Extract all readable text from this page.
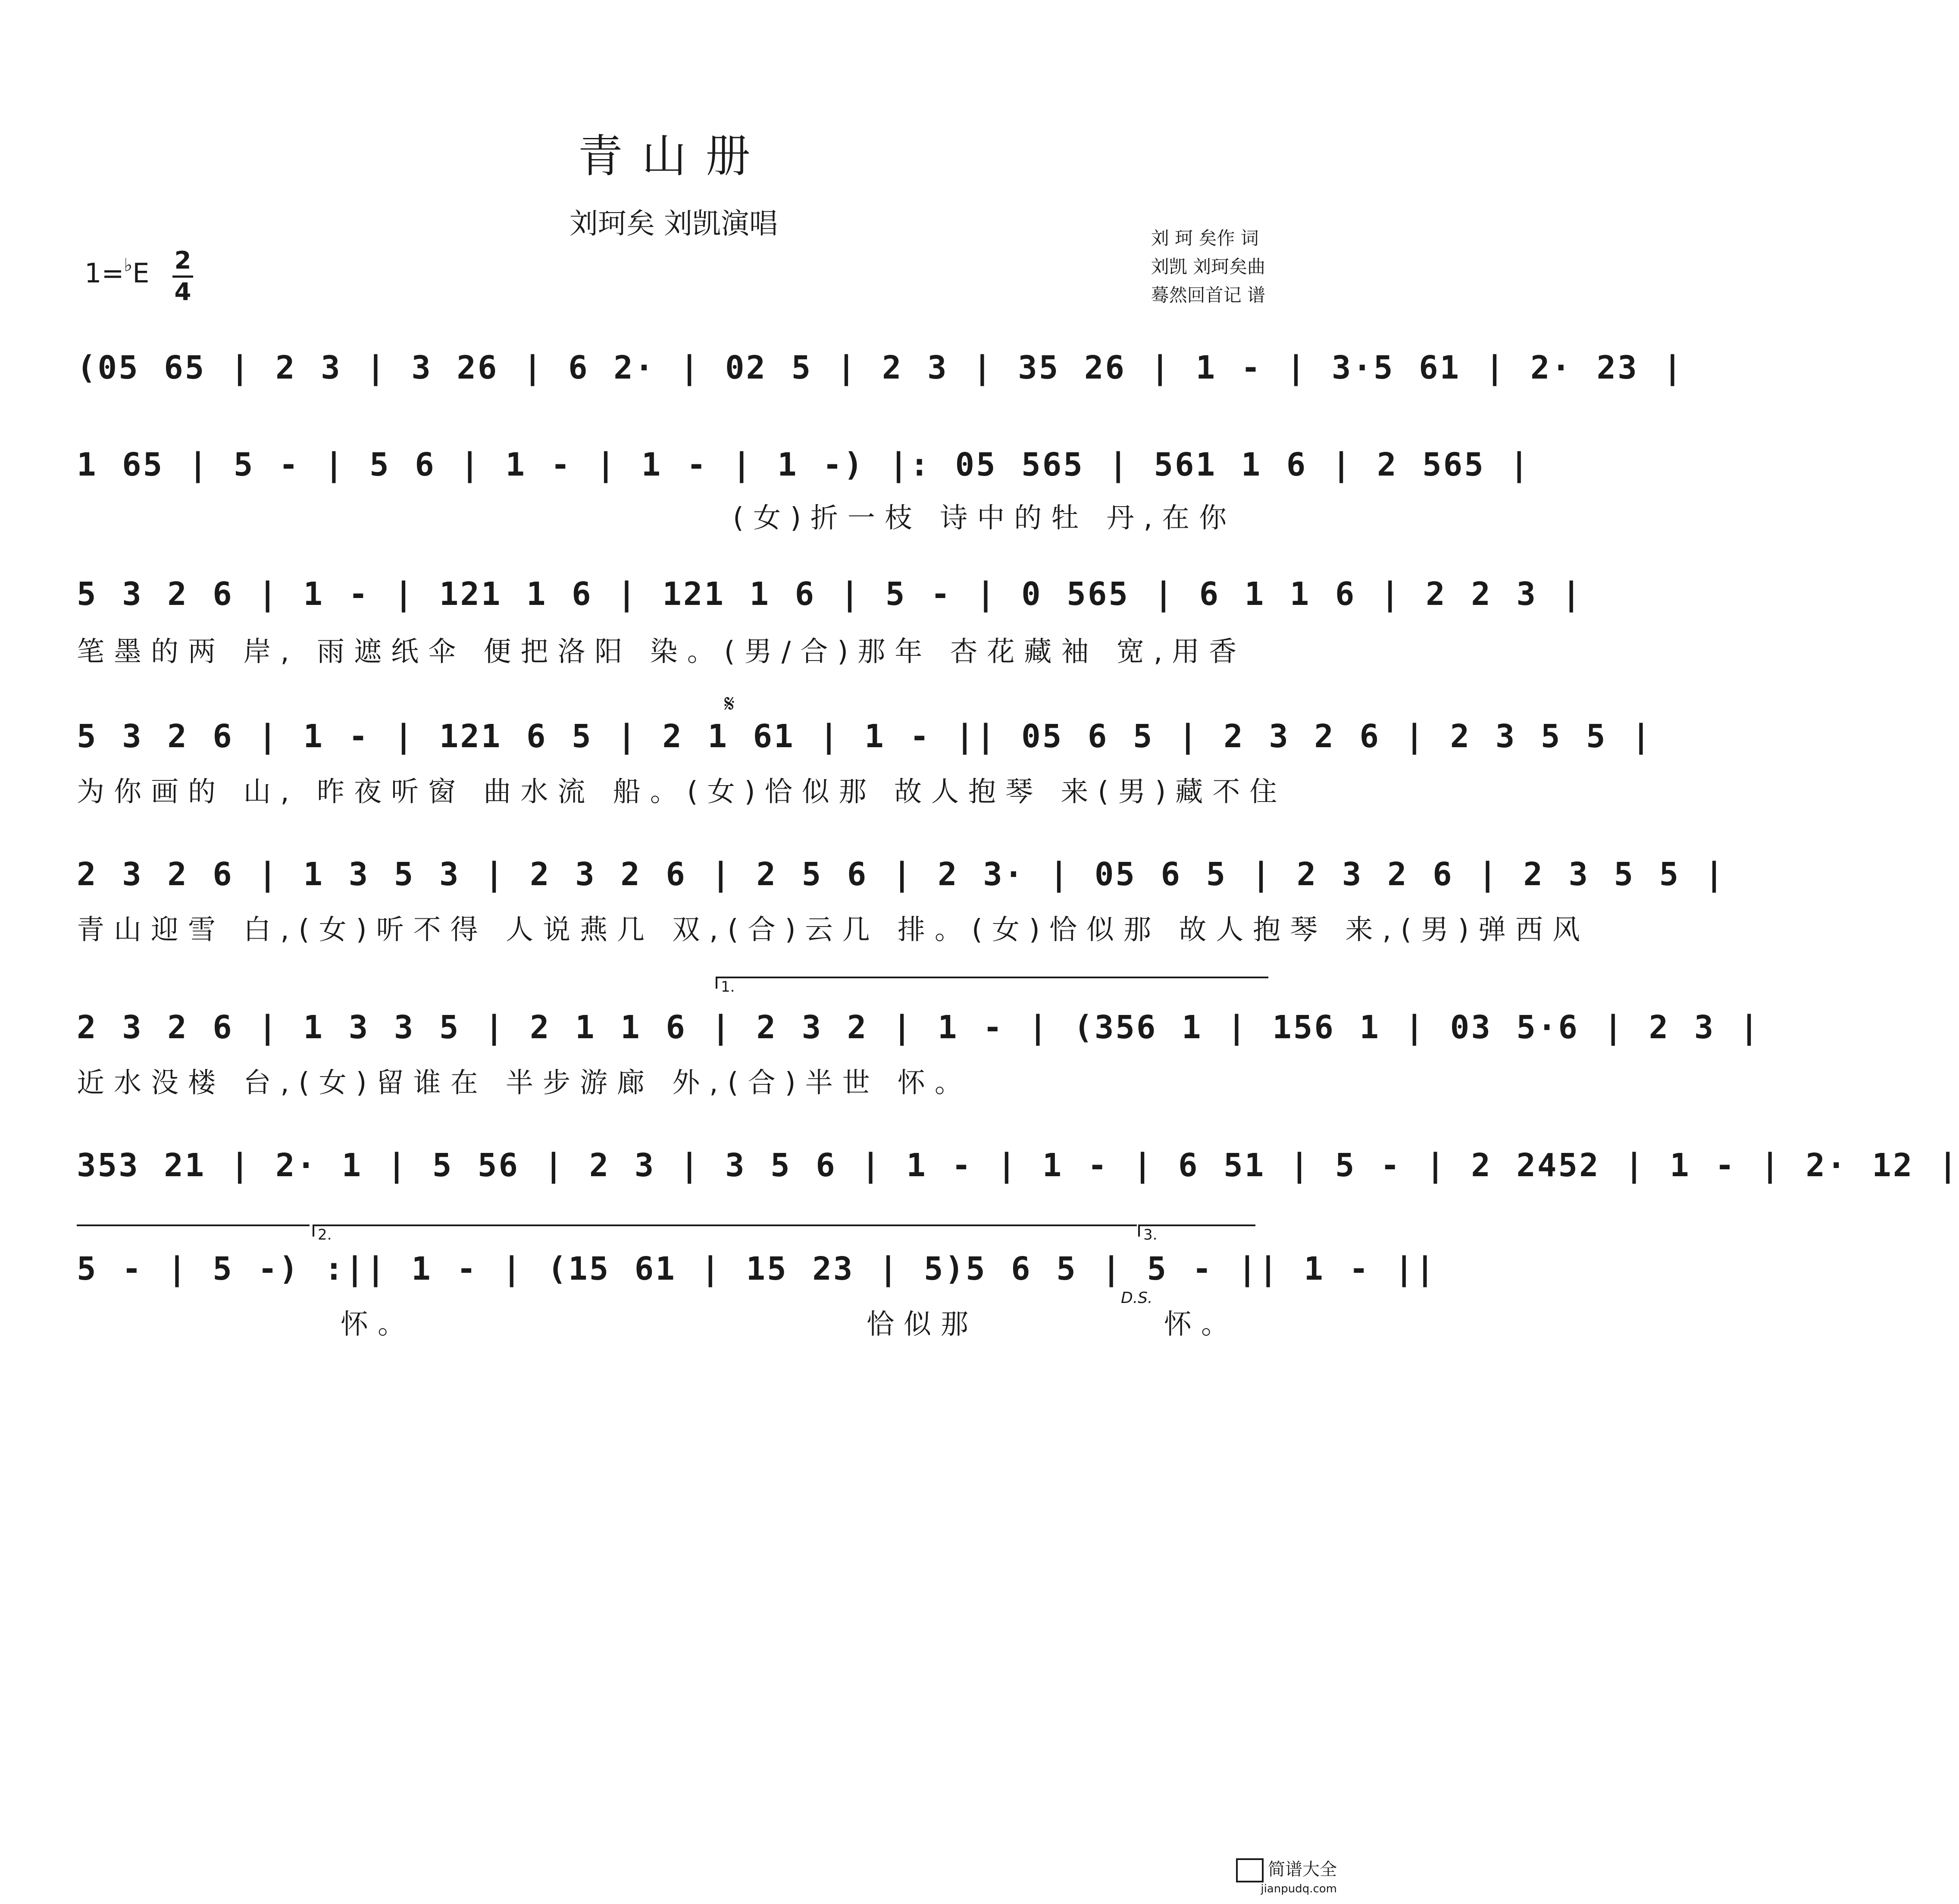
青山册
刘珂矣 刘凯演唱	刘 珂 矣作 词
刘凯 刘珂矣曲
蓦然回首记 谱
1=♭E 2
4
(05 65 | 2 3 | 3 26 | 6 2· | 02 5 | 2 3 | 35 26 | 1 - | 3·5 61 | 2· 23 |
1 65 | 5 - | 5 6 | 1 - | 1 - | 1 -) |: 05 565 | 561 1 6 | 2 565 |
(女)折一枝 诗中的牡 丹,在你
5 3 2 6 | 1 - | 121 1 6 | 121 1 6 | 5 - | 0 565 | 6 1 1 6 | 2 2 3 |
笔墨的两 岸, 雨遮纸伞 便把洛阳 染。(男/合)那年 杏花藏袖 宽,用香
𝄋
5 3 2 6 | 1 - | 121 6 5 | 2 1 61 | 1 - || 05 6 5 | 2 3 2 6 | 2 3 5 5 |
为你画的 山, 昨夜听窗 曲水流 船。(女)恰似那 故人抱琴 来(男)藏不住
2 3 2 6 | 1 3 5 3 | 2 3 2 6 | 2 5 6 | 2 3· | 05 6 5 | 2 3 2 6 | 2 3 5 5 |
青山迎雪 白,(女)听不得 人说燕几 双,(合)云几 排。(女)恰似那 故人抱琴 来,(男)弹西风
1.
2 3 2 6 | 1 3 3 5 | 2 1 1 6 | 2 3 2 | 1 - | (356 1 | 156 1 | 03 5·6 | 2 3 |
近水没楼 台,(女)留谁在 半步游廊 外,(合)半世 怀。
353 21 | 2· 1 | 5 56 | 2 3 | 3 5 6 | 1 - | 1 - | 6 51 | 5 - | 2 2452 | 1 - | 2· 12 |
2.	3.
5 - | 5 -) :|| 1 - | (15 61 | 15 23 | 5)5 6 5 | 5 - || 1 - ||
怀。	恰似那
D.S.
怀。
简谱大全
jianpudq.com
